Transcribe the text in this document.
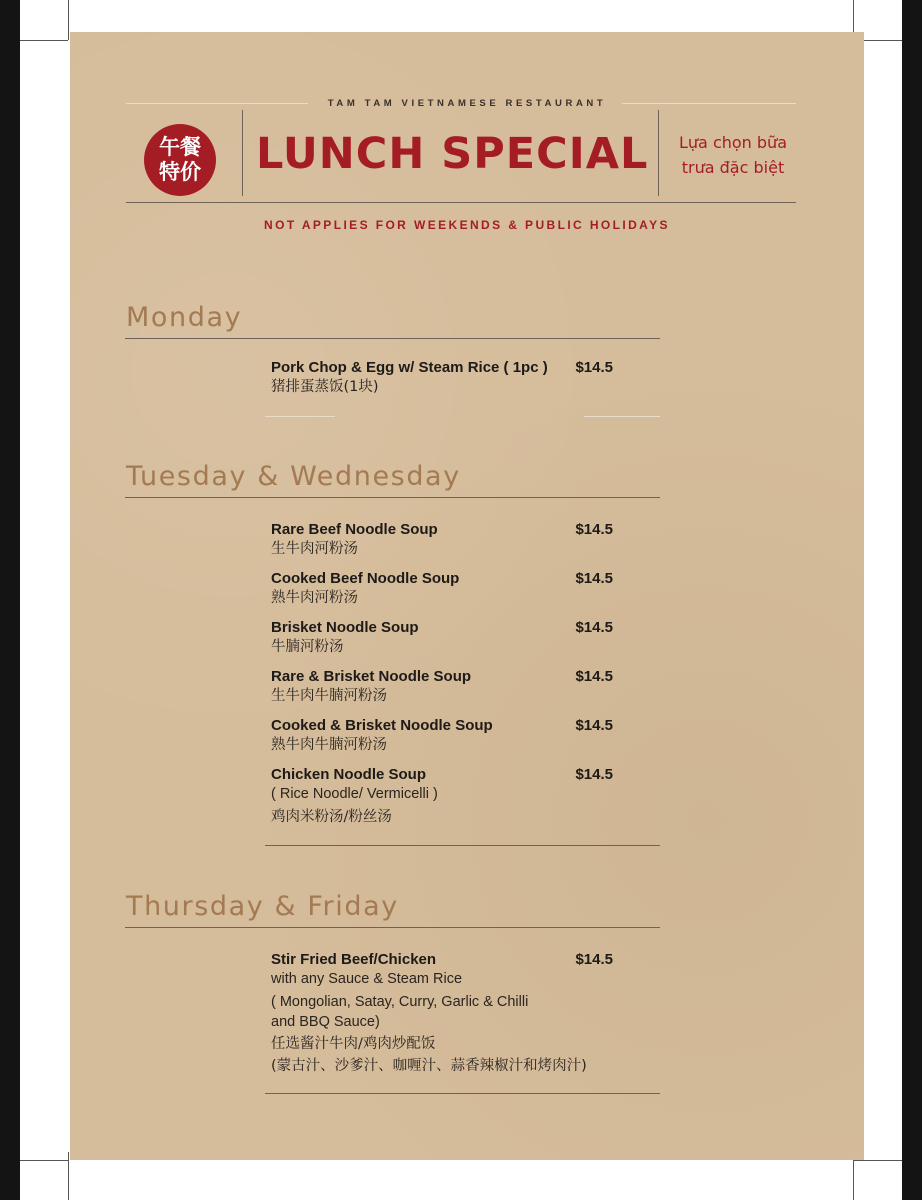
TAM TAM VIETNAMESE RESTAURANT
午餐
特价 LUNCH SPECIAL	Lựa chọn bữa
trưa đặc biệt
NOT APPLIES FOR WEEKENDS & PUBLIC HOLIDAYS
Monday
Pork Chop & Egg w/ Steam Rice ( 1pc )	$14.5
猪排蛋蒸饭(1块)
Tuesday & Wednesday
Rare Beef Noodle Soup	$14.5
生牛肉河粉汤
Cooked Beef Noodle Soup	$14.5
熟牛肉河粉汤
Brisket Noodle Soup	$14.5
牛腩河粉汤
Rare & Brisket Noodle Soup	$14.5
生牛肉牛腩河粉汤
Cooked & Brisket Noodle Soup	$14.5
熟牛肉牛腩河粉汤
Chicken Noodle Soup	$14.5
( Rice Noodle/ Vermicelli )
鸡肉米粉汤/粉丝汤
Thursday & Friday
Stir Fried Beef/Chicken	$14.5
with any Sauce & Steam Rice
( Mongolian, Satay, Curry, Garlic & Chilli
and BBQ Sauce)
任选酱汁牛肉/鸡肉炒配饭
(蒙古汁、沙爹汁、咖喱汁、蒜香辣椒汁和烤肉汁)
